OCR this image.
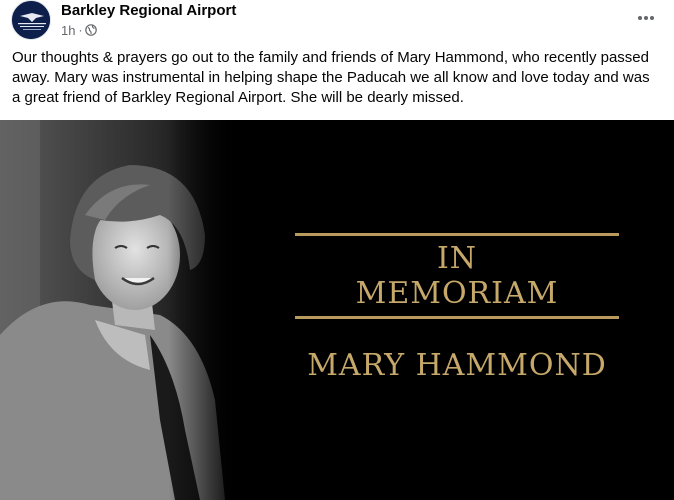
Barkley Regional Airport
1h ·
Our thoughts & prayers go out to the family and friends of Mary Hammond, who recently passed away. Mary was instrumental in helping shape the Paducah we all know and love today and was a great friend of Barkley Regional Airport. She will be dearly missed.
IN
MEMORIAM
MARY HAMMOND
